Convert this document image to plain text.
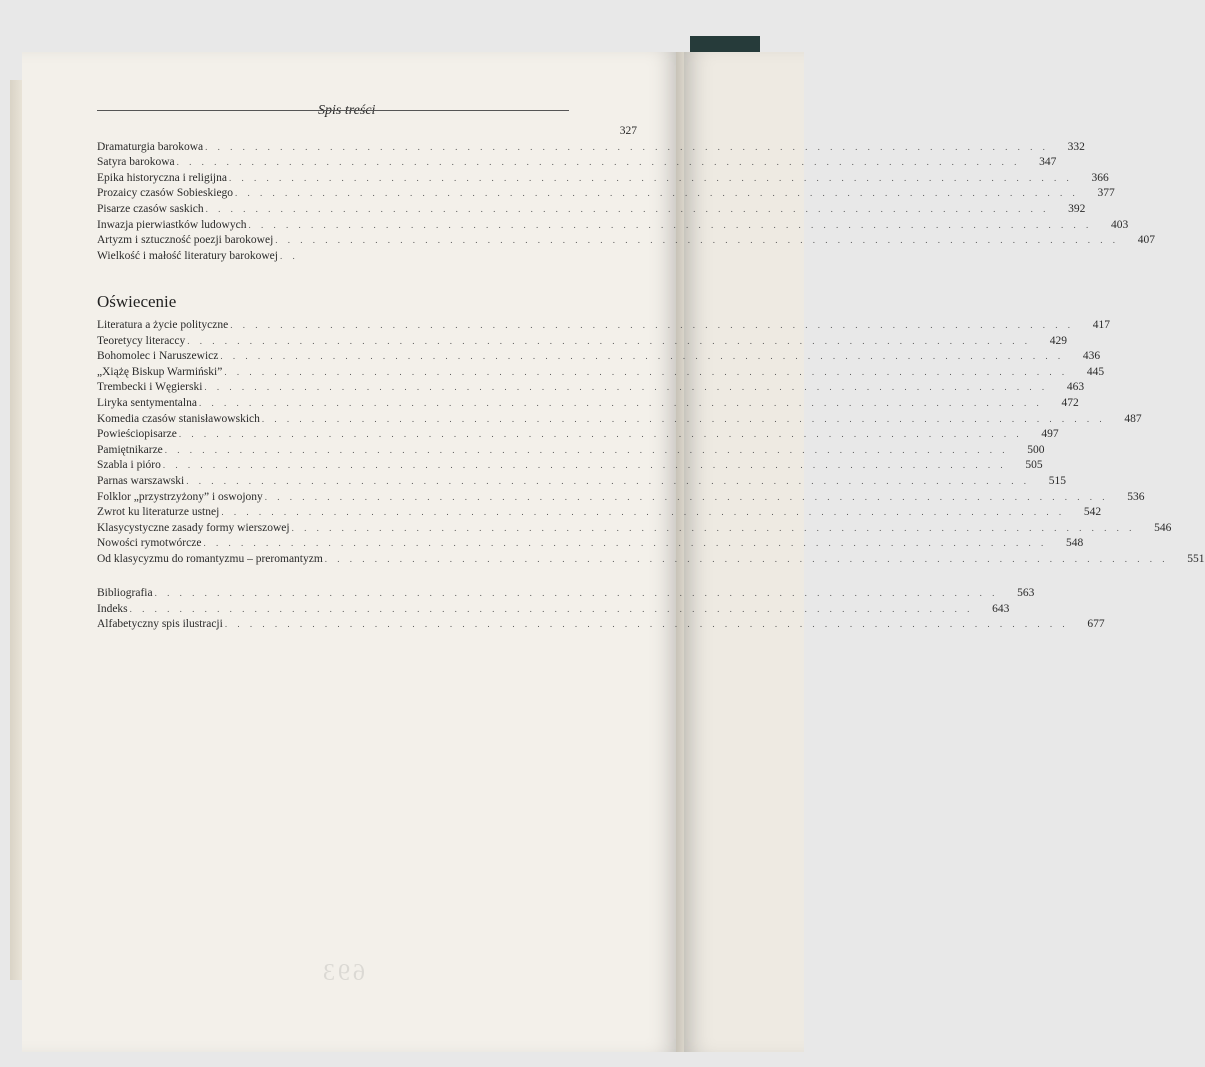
Spis treści
327
Dramaturgia barokowa . . . . . . . . . . . . . . . . . . . . . . . . . . . . . . . . . . . . . . . . . . . . . . . . . . . . . . . . . . . . . . . . . . . .	332
Satyra barokowa . . . . . . . . . . . . . . . . . . . . . . . . . . . . . . . . . . . . . . . . . . . . . . . . . . . . . . . . . . . . . . . . . . . .	347
Epika historyczna i religijna . . . . . . . . . . . . . . . . . . . . . . . . . . . . . . . . . . . . . . . . . . . . . . . . . . . . . . . . . . . . . . . . . . . .	366
Prozaicy czasów Sobieskiego . . . . . . . . . . . . . . . . . . . . . . . . . . . . . . . . . . . . . . . . . . . . . . . . . . . . . . . . . . . . . . . . . . . .	377
Pisarze czasów saskich . . . . . . . . . . . . . . . . . . . . . . . . . . . . . . . . . . . . . . . . . . . . . . . . . . . . . . . . . . . . . . . . . . . .	392
Inwazja pierwiastków ludowych . . . . . . . . . . . . . . . . . . . . . . . . . . . . . . . . . . . . . . . . . . . . . . . . . . . . . . . . . . . . . . . . . . . .	403
Artyzm i sztuczność poezji barokowej . . . . . . . . . . . . . . . . . . . . . . . . . . . . . . . . . . . . . . . . . . . . . . . . . . . . . . . . . . . . . . . . . . . .	407
Wielkość i małość literatury barokowej . .
Oświecenie
Literatura a życie polityczne . . . . . . . . . . . . . . . . . . . . . . . . . . . . . . . . . . . . . . . . . . . . . . . . . . . . . . . . . . . . . . . . . . . .	417
Teoretycy literaccy . . . . . . . . . . . . . . . . . . . . . . . . . . . . . . . . . . . . . . . . . . . . . . . . . . . . . . . . . . . . . . . . . . . .	429
Bohomolec i Naruszewicz . . . . . . . . . . . . . . . . . . . . . . . . . . . . . . . . . . . . . . . . . . . . . . . . . . . . . . . . . . . . . . . . . . . .	436
„Xiążę Biskup Warmiński” . . . . . . . . . . . . . . . . . . . . . . . . . . . . . . . . . . . . . . . . . . . . . . . . . . . . . . . . . . . . . . . . . . . .	445
Trembecki i Węgierski . . . . . . . . . . . . . . . . . . . . . . . . . . . . . . . . . . . . . . . . . . . . . . . . . . . . . . . . . . . . . . . . . . . .	463
Liryka sentymentalna . . . . . . . . . . . . . . . . . . . . . . . . . . . . . . . . . . . . . . . . . . . . . . . . . . . . . . . . . . . . . . . . . . . .	472
Komedia czasów stanisławowskich . . . . . . . . . . . . . . . . . . . . . . . . . . . . . . . . . . . . . . . . . . . . . . . . . . . . . . . . . . . . . . . . . . . .	487
Powieściopisarze . . . . . . . . . . . . . . . . . . . . . . . . . . . . . . . . . . . . . . . . . . . . . . . . . . . . . . . . . . . . . . . . . . . .	497
Pamiętnikarze . . . . . . . . . . . . . . . . . . . . . . . . . . . . . . . . . . . . . . . . . . . . . . . . . . . . . . . . . . . . . . . . . . . .	500
Szabla i pióro . . . . . . . . . . . . . . . . . . . . . . . . . . . . . . . . . . . . . . . . . . . . . . . . . . . . . . . . . . . . . . . . . . . .	505
Parnas warszawski . . . . . . . . . . . . . . . . . . . . . . . . . . . . . . . . . . . . . . . . . . . . . . . . . . . . . . . . . . . . . . . . . . . .	515
Folklor „przystrzyżony” i oswojony . . . . . . . . . . . . . . . . . . . . . . . . . . . . . . . . . . . . . . . . . . . . . . . . . . . . . . . . . . . . . . . . . . . .	536
Zwrot ku literaturze ustnej . . . . . . . . . . . . . . . . . . . . . . . . . . . . . . . . . . . . . . . . . . . . . . . . . . . . . . . . . . . . . . . . . . . .	542
Klasycystyczne zasady formy wierszowej . . . . . . . . . . . . . . . . . . . . . . . . . . . . . . . . . . . . . . . . . . . . . . . . . . . . . . . . . . . . . . . . . . . .	546
Nowości rymotwórcze . . . . . . . . . . . . . . . . . . . . . . . . . . . . . . . . . . . . . . . . . . . . . . . . . . . . . . . . . . . . . . . . . . . .	548
Od klasycyzmu do romantyzmu – preromantyzm . . . . . . . . . . . . . . . . . . . . . . . . . . . . . . . . . . . . . . . . . . . . . . . . . . . . . . . . . . . . . . . . . . . .	551
Bibliografia . . . . . . . . . . . . . . . . . . . . . . . . . . . . . . . . . . . . . . . . . . . . . . . . . . . . . . . . . . . . . . . . . . . .	563
Indeks . . . . . . . . . . . . . . . . . . . . . . . . . . . . . . . . . . . . . . . . . . . . . . . . . . . . . . . . . . . . . . . . . . . .	643
Alfabetyczny spis ilustracji . . . . . . . . . . . . . . . . . . . . . . . . . . . . . . . . . . . . . . . . . . . . . . . . . . . . . . . . . . . . . . . . . . . .	677
693
